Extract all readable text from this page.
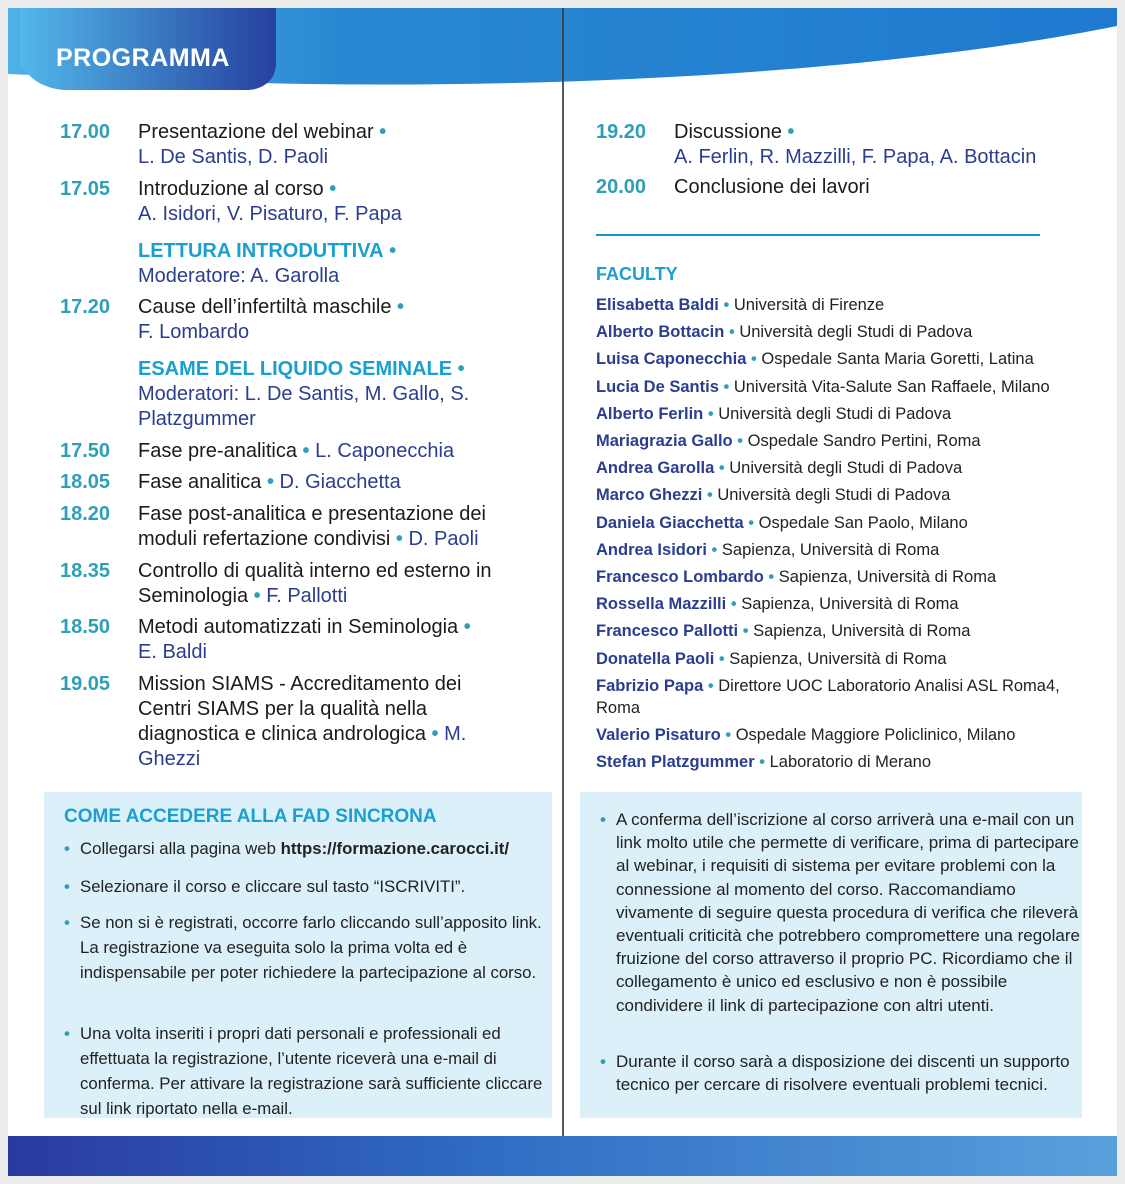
PROGRAMMA
17.00	Presentazione del webinar •
L. De Santis, D. Paoli
17.05	Introduzione al corso •
A. Isidori, V. Pisaturo, F. Papa
LETTURA INTRODUTTIVA •
Moderatore: A. Garolla
17.20	Cause dell’infertiltà maschile •
F. Lombardo
ESAME DEL LIQUIDO SEMINALE •
Moderatori: L. De Santis, M. Gallo, S. Platzgummer
17.50	Fase pre-analitica • L. Caponecchia
18.05	Fase analitica • D. Giacchetta
18.20	Fase post-analitica e presentazione dei moduli refertazione condivisi • D. Paoli
18.35	Controllo di qualità interno ed esterno in Seminologia • F. Pallotti
18.50	Metodi automatizzati in Seminologia •
E. Baldi
19.05	Mission SIAMS - Accreditamento dei Centri SIAMS per la qualità nella diagnostica e clinica andrologica • M. Ghezzi
19.20	Discussione •
A. Ferlin, R. Mazzilli, F. Papa, A. Bottacin
20.00	Conclusione dei lavori
FACULTY
Elisabetta Baldi • Università di Firenze
Alberto Bottacin • Università degli Studi di Padova
Luisa Caponecchia • Ospedale Santa Maria Goretti, Latina
Lucia De Santis • Università Vita-Salute San Raffaele, Milano
Alberto Ferlin • Università degli Studi di Padova
Mariagrazia Gallo • Ospedale Sandro Pertini, Roma
Andrea Garolla • Università degli Studi di Padova
Marco Ghezzi • Università degli Studi di Padova
Daniela Giacchetta • Ospedale San Paolo, Milano
Andrea Isidori • Sapienza, Università di Roma
Francesco Lombardo • Sapienza, Università di Roma
Rossella Mazzilli • Sapienza, Università di Roma
Francesco Pallotti • Sapienza, Università di Roma
Donatella Paoli • Sapienza, Università di Roma
Fabrizio Papa • Direttore UOC Laboratorio Analisi ASL Roma4, Roma
Valerio Pisaturo • Ospedale Maggiore Policlinico, Milano
Stefan Platzgummer • Laboratorio di Merano
COME ACCEDERE ALLA FAD SINCRONA
• Collegarsi alla pagina web https://formazione.carocci.it/
• Selezionare il corso e cliccare sul tasto “ISCRIVITI”.
• Se non si è registrati, occorre farlo cliccando sull’apposito link. La registrazione va eseguita solo la prima volta ed è indispensabile per poter richiedere la partecipazione al corso.
• Una volta inseriti i propri dati personali e professionali ed effettuata la registrazione, l’utente riceverà una e-mail di conferma. Per attivare la registrazione sarà sufficiente cliccare sul link riportato nella e-mail.
• A conferma dell’iscrizione al corso arriverà una e-mail con un link molto utile che permette di verificare, prima di partecipare al webinar, i requisiti di sistema per evitare problemi con la connessione al momento del corso. Raccomandiamo vivamente di seguire questa procedura di verifica che rileverà eventuali criticità che potrebbero compromettere una regolare fruizione del corso attraverso il proprio PC. Ricordiamo che il collegamento è unico ed esclusivo e non è possibile condividere il link di partecipazione con altri utenti.
• Durante il corso sarà a disposizione dei discenti un supporto tecnico per cercare di risolvere eventuali problemi tecnici.
